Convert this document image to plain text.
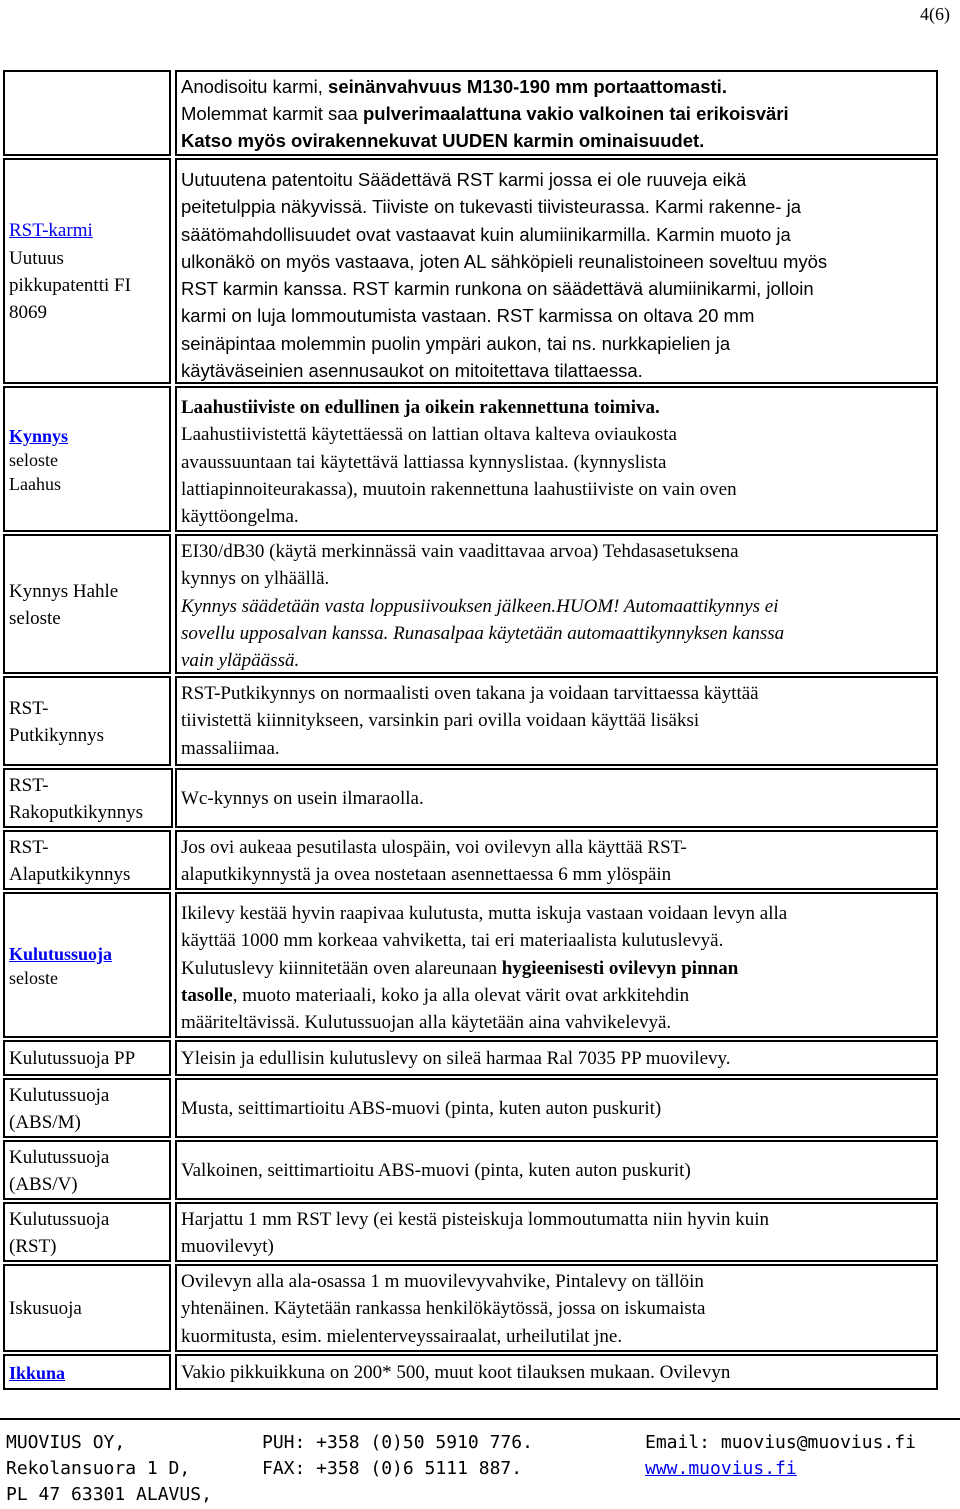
4(6)
Anodisoitu karmi, seinänvahvuus M130-190 mm portaattomasti.
Molemmat karmit saa pulverimaalattuna vakio valkoinen tai erikoisväri
Katso myös ovirakennekuvat UUDEN karmin ominaisuudet.
RST-karmi
Uutuus
pikkupatentti FI
8069
Uutuutena patentoitu Säädettävä RST karmi jossa ei ole ruuveja eikä
peitetulppia näkyvissä. Tiiviste on tukevasti tiivisteurassa. Karmi rakenne- ja
säätömahdollisuudet ovat vastaavat kuin alumiinikarmilla. Karmin muoto ja
ulkonäkö on myös vastaava, joten AL sähköpieli reunalistoineen soveltuu myös
RST karmin kanssa. RST karmin runkona on säädettävä alumiinikarmi, jolloin
karmi on luja lommoutumista vastaan. RST karmissa on oltava 20 mm
seinäpintaa molemmin puolin ympäri aukon, tai ns. nurkkapielien ja
käytäväseinien asennusaukot on mitoitettava tilattaessa.
Kynnys
seloste
Laahus
Laahustiiviste on edullinen ja oikein rakennettuna toimiva.
Laahustiivistettä käytettäessä on lattian oltava kalteva oviaukosta
avaussuuntaan tai käytettävä lattiassa kynnyslistaa. (kynnyslista
lattiapinnoiteurakassa), muutoin rakennettuna laahustiiviste on vain oven
käyttöongelma.
Kynnys Hahle
seloste
EI30/dB30 (käytä merkinnässä vain vaadittavaa arvoa) Tehdasasetuksena
kynnys on ylhäällä.
Kynnys säädetään vasta loppusiivouksen jälkeen.HUOM! Automaattikynnys ei
sovellu upposalvan kanssa. Runasalpaa käytetään automaattikynnyksen kanssa
vain yläpäässä.
RST-
Putkikynnys
RST-Putkikynnys on normaalisti oven takana ja voidaan tarvittaessa käyttää
tiivistettä kiinnitykseen, varsinkin pari ovilla voidaan käyttää lisäksi
massaliimaa.
RST-
Rakoputkikynnys
Wc-kynnys on usein ilmaraolla.
RST-
Alaputkikynnys
Jos ovi aukeaa pesutilasta ulospäin, voi ovilevyn alla käyttää RST-
alaputkikynnystä ja ovea nostetaan asennettaessa 6 mm ylöspäin
Kulutussuoja
seloste
Ikilevy kestää hyvin raapivaa kulutusta, mutta iskuja vastaan voidaan levyn alla
käyttää 1000 mm korkeaa vahviketta, tai eri materiaalista kulutuslevyä.
Kulutuslevy kiinnitetään oven alareunaan hygieenisesti ovilevyn pinnan
tasolle, muoto materiaali, koko ja alla olevat värit ovat arkkitehdin
määriteltävissä. Kulutussuojan alla käytetään aina vahvikelevyä.
Kulutussuoja PP	Yleisin ja edullisin kulutuslevy on sileä harmaa Ral 7035 PP muovilevy.
Kulutussuoja
(ABS/M)
Musta, seittimartioitu ABS-muovi (pinta, kuten auton puskurit)
Kulutussuoja
(ABS/V)
Valkoinen, seittimartioitu ABS-muovi (pinta, kuten auton puskurit)
Kulutussuoja
(RST)
Harjattu 1 mm RST levy (ei kestä pisteiskuja lommoutumatta niin hyvin kuin
muovilevyt)
Iskusuoja
Ovilevyn alla ala-osassa 1 m muovilevyvahvike, Pintalevy on tällöin
yhtenäinen. Käytetään rankassa henkilökäytössä, jossa on iskumaista
kuormitusta, esim. mielenterveyssairaalat, urheilutilat jne.
Ikkuna	Vakio pikkuikkuna on 200* 500, muut koot tilauksen mukaan. Ovilevyn
MUOVIUS OY,
Rekolansuora 1 D,
PL 47 63301 ALAVUS,
PUH: +358 (0)50 5910 776.
FAX: +358 (0)6 5111 887.
Email: muovius@muovius.fi
www.muovius.fi
